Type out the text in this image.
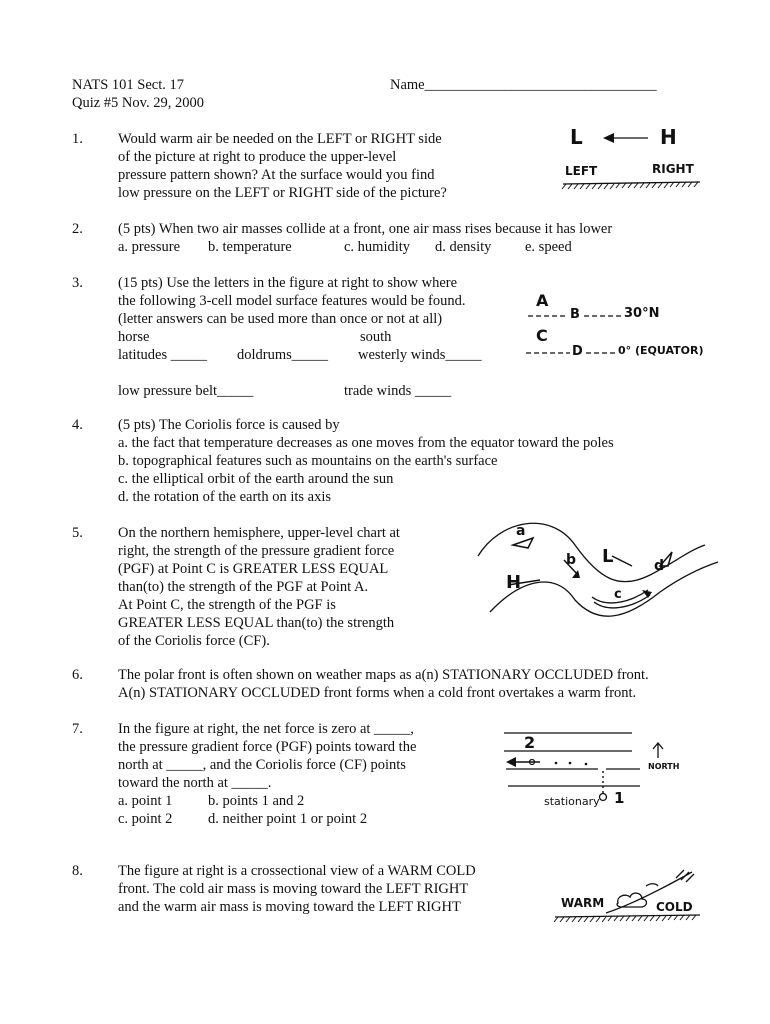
NATS 101 Sect. 17
Quiz #5 Nov. 29, 2000
Name________________________________
1. Would warm air be needed on the LEFT or RIGHT side
of the picture at right to produce the upper-level
pressure pattern shown? At the surface would you find
low pressure on the LEFT or RIGHT side of the picture?
L	H
LEFT	RIGHT
2. (5 pts) When two air masses collide at a front, one air mass rises because it has lower
a. pressure b. temperature	c. humidity d. density e. speed
3. (15 pts) Use the letters in the figure at right to show where
the following 3-cell model surface features would be found.
(letter answers can be used more than once or not at all)
horse	south
latitudes _____ doldrums_____ westerly winds_____
low pressure belt_____	trade winds _____
A
C
B	30°N
D	0° (EQUATOR)
4. (5 pts) The Coriolis force is caused by
a. the fact that temperature decreases as one moves from the equator toward the poles
b. topographical features such as mountains on the earth's surface
c. the elliptical orbit of the earth around the sun
d. the rotation of the earth on its axis
5. On the northern hemisphere, upper-level chart at
right, the strength of the pressure gradient force
(PGF) at Point C is GREATER LESS EQUAL
than(to) the strength of the PGF at Point A.
At Point C, the strength of the PGF is
GREATER LESS EQUAL than(to) the strength
of the Coriolis force (CF).
a
b
c
d
L
H
6. The polar front is often shown on weather maps as a(n) STATIONARY OCCLUDED front.
A(n) STATIONARY OCCLUDED front forms when a cold front overtakes a warm front.
7. In the figure at right, the net force is zero at _____,
the pressure gradient force (PGF) points toward the
north at _____, and the Coriolis force (CF) points
toward the north at _____.
a. point 1 b. points 1 and 2
c. point 2 d. neither point 1 or point 2
2
1
NORTH
stationary
8. The figure at right is a crossectional view of a WARM COLD
front. The cold air mass is moving toward the LEFT RIGHT
and the warm air mass is moving toward the LEFT RIGHT	WARM	COLD
